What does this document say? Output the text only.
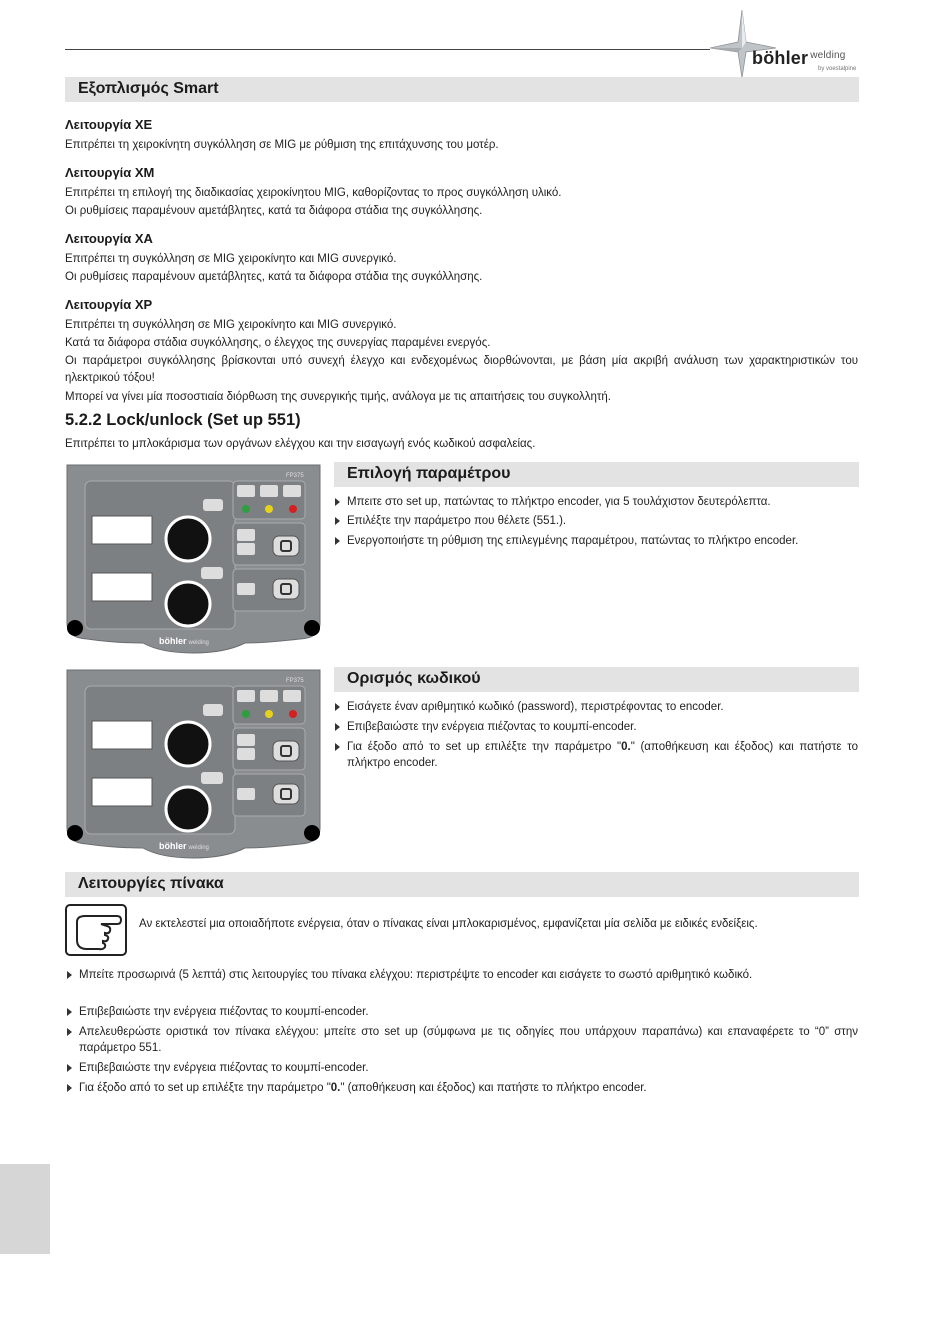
böhler $^{welding}$
by voestalpine
Εξοπλισμός Smart
Λειτουργία XE
Επιτρέπει τη χειροκίνητη συγκόλληση σε MIG με ρύθμιση της επιτάχυνσης του μοτέρ.
Λειτουργία XM
Επιτρέπει τη επιλογή της διαδικασίας χειροκίνητου MIG, καθορίζοντας το προς συγκόλληση υλικό.
Οι ρυθμίσεις παραμένουν αμετάβλητες, κατά τα διάφορα στάδια της συγκόλλησης.
Λειτουργία XA
Επιτρέπει τη συγκόλληση σε MIG χειροκίνητο και MIG συνεργικό.
Οι ρυθμίσεις παραμένουν αμετάβλητες, κατά τα διάφορα στάδια της συγκόλλησης.
Λειτουργία XP
Επιτρέπει τη συγκόλληση σε MIG χειροκίνητο και MIG συνεργικό.
Κατά τα διάφορα στάδια συγκόλλησης, ο έλεγχος της συνεργίας παραμένει ενεργός.
Οι παράμετροι συγκόλλησης βρίσκονται υπό συνεχή έλεγχο και ενδεχομένως διορθώνονται, με βάση μία ακριβή ανάλυση των χαρακτηριστικών του ηλεκτρικού τόξου!
Μπορεί να γίνει μία ποσοστιαία διόρθωση της συνεργικής τιμής, ανάλογα με τις απαιτήσεις του συγκολλητή.
5.2.2 Lock/unlock (Set up 551)
Επιτρέπει το μπλοκάρισμα των οργάνων ελέγχου και την εισαγωγή ενός κωδικού ασφαλείας.
FP375
böhler welding
Επιλογή παραμέτρου
Μπειτε στο set up, πατώντας το πλήκτρο encoder, για 5 τουλάχιστον δευτερόλεπτα.
Επιλέξτε την παράμετρο που θέλετε (551.).
Ενεργοποιήστε τη ρύθμιση της επιλεγμένης παραμέτρου, πατώντας το πλήκτρο encoder.
FP375
böhler welding
Ορισμός κωδικού
Εισάγετε έναν αριθμητικό κωδικό (password), περιστρέφοντας το encoder.
Επιβεβαιώστε την ενέργεια πιέζοντας το κουμπί-encoder.
Για έξοδο από το set up επιλέξτε την παράμετρο "0." (αποθήκευση και έξοδος) και πατήστε το πλήκτρο encoder.
Λειτουργίες πίνακα
Αν εκτελεστεί μια οποιαδήποτε ενέργεια, όταν ο πίνακας είναι μπλοκαρισμένος, εμφανίζεται μία σελίδα με ειδικές ενδείξεις.
Μπείτε προσωρινά (5 λεπτά) στις λειτουργίες του πίνακα ελέγχου: περιστρέψτε το encoder και εισάγετε το σωστό αριθμητικό κωδικό.
Επιβεβαιώστε την ενέργεια πιέζοντας το κουμπί-encoder.
Απελευθερώστε οριστικά τον πίνακα ελέγχου: μπείτε στο set up (σύμφωνα με τις οδηγίες που υπάρχουν παραπάνω) και επαναφέρετε το “0” στην παράμετρο 551.
Επιβεβαιώστε την ενέργεια πιέζοντας το κουμπί-encoder.
Για έξοδο από το set up επιλέξτε την παράμετρο "0." (αποθήκευση και έξοδος) και πατήστε το πλήκτρο encoder.
